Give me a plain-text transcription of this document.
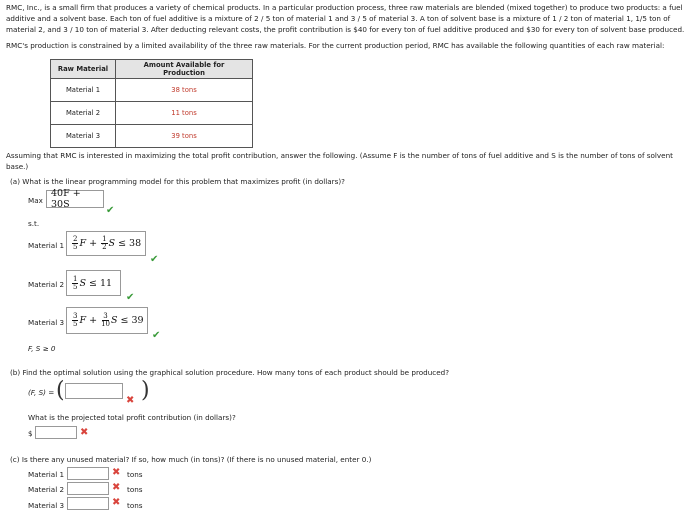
RMC, Inc., is a small firm that produces a variety of chemical products. In a particular production process, three raw materials are blended (mixed together) to produce two products: a fuel additive and a solvent base. Each ton of fuel additive is a mixture of 2 / 5 ton of material 1 and 3 / 5 of material 3. A ton of solvent base is a mixture of 1 / 2 ton of material 1, 1/5 ton of material 2, and 3 / 10 ton of material 3. After deducting relevant costs, the profit contribution is $40 for every ton of fuel additive produced and $30 for every ton of solvent base produced.
RMC's production is constrained by a limited availability of the three raw materials. For the current production period, RMC has available the following quantities of each raw material:
Raw Material	Amount Available for Production
Material 1	38 tons
Material 2	11 tons
Material 3	39 tons
Assuming that RMC is interested in maximizing the total profit contribution, answer the following. (Assume F is the number of tons of fuel additive and S is the number of tons of solvent base.)
(a) What is the linear programming model for this problem that maximizes profit (in dollars)?
Max
40F + 30S
✔
s.t.
Material $1 \frac{2}{5}$ $F + \frac{1}{2}$ S ≤ 38
✔
Material $2 \frac{1}{5}$ S ≤ 11
✔
Material $3 \frac{3}{5}$ $F + \frac{3}{10}$ S ≤ 39
✔
F, S ≥ 0
(b) Find the optimal solution using the graphical solution procedure. How many tons of each product should be produced?
(F, S) = (	✖ )
What is the projected total profit contribution (in dollars)?
$	✖
(c) Is there any unused material? If so, how much (in tons)? (If there is no unused material, enter 0.)
Material 1	✖ tons
Material 2	✖ tons
Material 3	✖ tons
